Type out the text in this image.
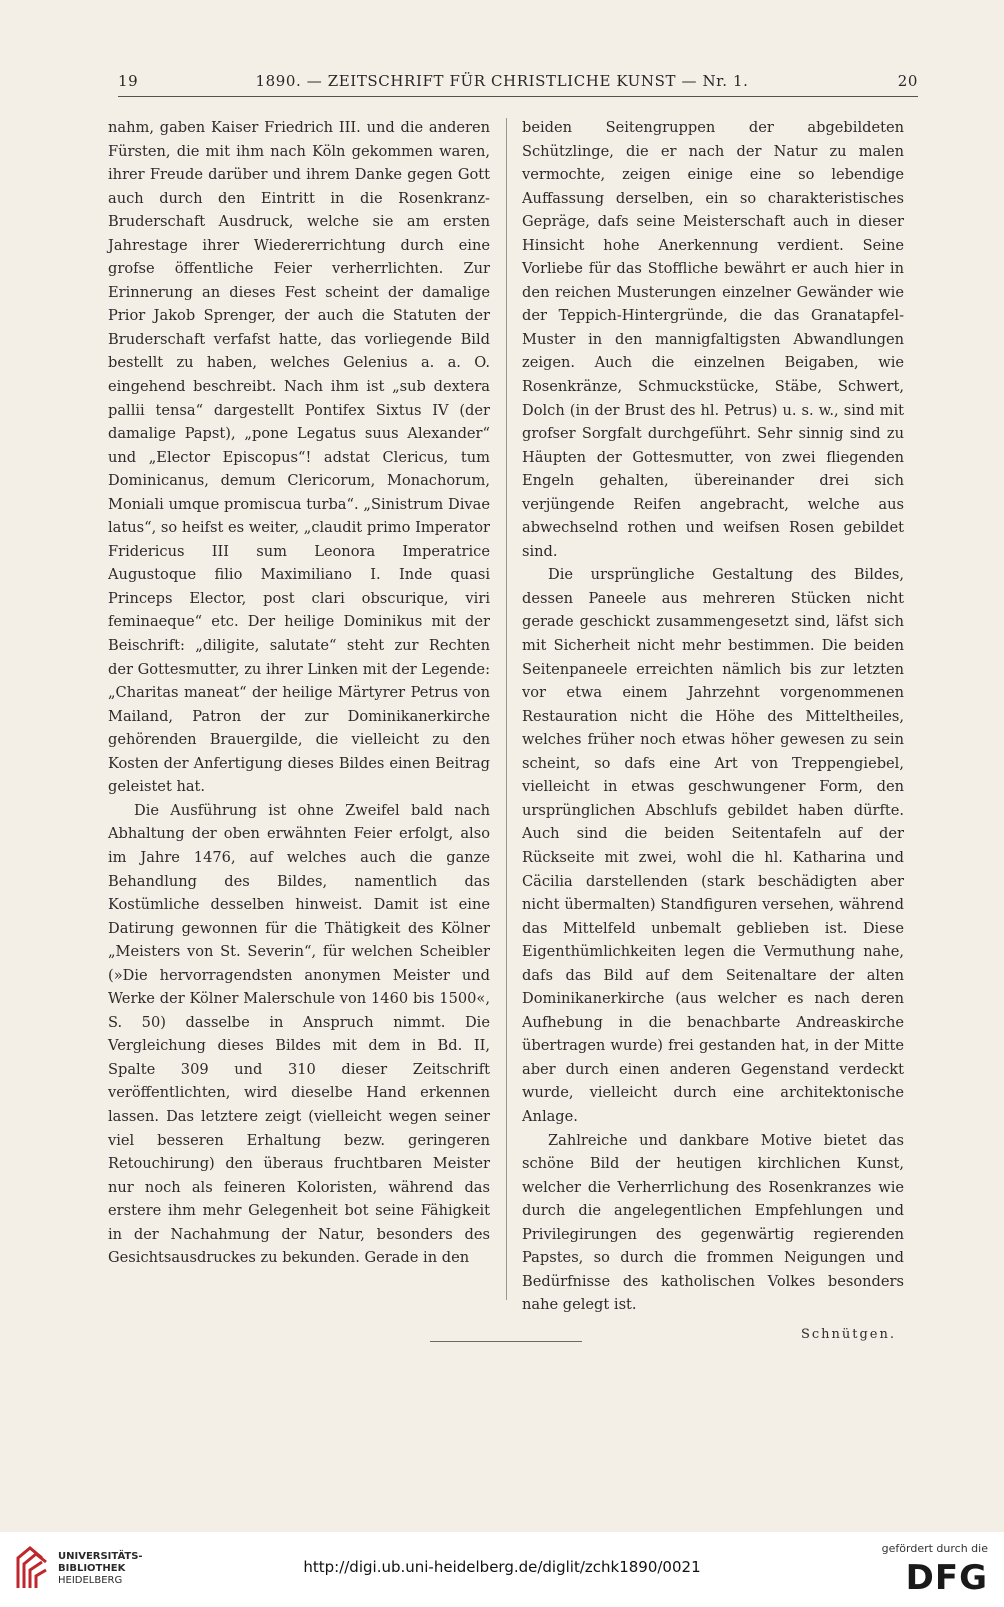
19	1890. — ZEITSCHRIFT FÜR CHRISTLICHE KUNST — Nr. 1.	20

nahm, gaben Kaiser Friedrich III. und die anderen Fürsten, die mit ihm nach Köln gekommen waren, ihrer Freude darüber und ihrem Danke gegen Gott auch durch den Eintritt in die Rosenkranz-Bruderschaft Ausdruck, welche sie am ersten Jahrestage ihrer Wiedererrichtung durch eine grofse öffentliche Feier verherrlichten. Zur Erinnerung an dieses Fest scheint der damalige Prior Jakob Sprenger, der auch die Statuten der Bruderschaft verfafst hatte, das vorliegende Bild bestellt zu haben, welches Gelenius a. a. O. eingehend beschreibt. Nach ihm ist „sub dextera pallii tensa“ dargestellt Pontifex Sixtus IV (der damalige Papst), „pone Legatus suus Alexander“ und „Elector Episcopus“! adstat Clericus, tum Dominicanus, demum Clericorum, Monachorum, Moniali umque promiscua turba“. „Sinistrum Divae latus“, so heifst es weiter, „claudit primo Imperator Fridericus III sum Leonora Imperatrice Augustoque filio Maximiliano I. Inde quasi Princeps Elector, post clari obscurique, viri feminaeque“ etc. Der heilige Dominikus mit der Beischrift: „diligite, salutate“ steht zur Rechten der Gottesmutter, zu ihrer Linken mit der Legende: „Charitas maneat“ der heilige Märtyrer Petrus von Mailand, Patron der zur Dominikanerkirche gehörenden Brauergilde, die vielleicht zu den Kosten der Anfertigung dieses Bildes einen Beitrag geleistet hat.

Die Ausführung ist ohne Zweifel bald nach Abhaltung der oben erwähnten Feier erfolgt, also im Jahre 1476, auf welches auch die ganze Behandlung des Bildes, namentlich das Kostümliche desselben hinweist. Damit ist eine Datirung gewonnen für die Thätigkeit des Kölner „Meisters von St. Severin“, für welchen Scheibler (»Die hervorragendsten anonymen Meister und Werke der Kölner Malerschule von 1460 bis 1500«, S. 50) dasselbe in Anspruch nimmt. Die Vergleichung dieses Bildes mit dem in Bd. II, Spalte 309 und 310 dieser Zeitschrift veröffentlichten, wird dieselbe Hand erkennen lassen. Das letztere zeigt (vielleicht wegen seiner viel besseren Erhaltung bezw. geringeren Retouchirung) den überaus fruchtbaren Meister nur noch als feineren Koloristen, während das erstere ihm mehr Gelegenheit bot seine Fähigkeit in der Nachahmung der Natur, besonders des Gesichtsausdruckes zu bekunden. Gerade in den

beiden Seitengruppen der abgebildeten Schützlinge, die er nach der Natur zu malen vermochte, zeigen einige eine so lebendige Auffassung derselben, ein so charakteristisches Gepräge, dafs seine Meisterschaft auch in dieser Hinsicht hohe Anerkennung verdient. Seine Vorliebe für das Stoffliche bewährt er auch hier in den reichen Musterungen einzelner Gewänder wie der Teppich-Hintergründe, die das Granatapfel-Muster in den mannigfaltigsten Abwandlungen zeigen. Auch die einzelnen Beigaben, wie Rosenkränze, Schmuckstücke, Stäbe, Schwert, Dolch (in der Brust des hl. Petrus) u. s. w., sind mit grofser Sorgfalt durchgeführt. Sehr sinnig sind zu Häupten der Gottesmutter, von zwei fliegenden Engeln gehalten, übereinander drei sich verjüngende Reifen angebracht, welche aus abwechselnd rothen und weifsen Rosen gebildet sind.

Die ursprüngliche Gestaltung des Bildes, dessen Paneele aus mehreren Stücken nicht gerade geschickt zusammengesetzt sind, läfst sich mit Sicherheit nicht mehr bestimmen. Die beiden Seitenpaneele erreichten nämlich bis zur letzten vor etwa einem Jahrzehnt vorgenommenen Restauration nicht die Höhe des Mitteltheiles, welches früher noch etwas höher gewesen zu sein scheint, so dafs eine Art von Treppengiebel, vielleicht in etwas geschwungener Form, den ursprünglichen Abschlufs gebildet haben dürfte. Auch sind die beiden Seitentafeln auf der Rückseite mit zwei, wohl die hl. Katharina und Cäcilia darstellenden (stark beschädigten aber nicht übermalten) Standfiguren versehen, während das Mittelfeld unbemalt geblieben ist. Diese Eigenthümlichkeiten legen die Vermuthung nahe, dafs das Bild auf dem Seitenaltare der alten Dominikanerkirche (aus welcher es nach deren Aufhebung in die benachbarte Andreaskirche übertragen wurde) frei gestanden hat, in der Mitte aber durch einen anderen Gegenstand verdeckt wurde, vielleicht durch eine architektonische Anlage.

Zahlreiche und dankbare Motive bietet das schöne Bild der heutigen kirchlichen Kunst, welcher die Verherrlichung des Rosenkranzes wie durch die angelegentlichen Empfehlungen und Privilegirungen des gegenwärtig regierenden Papstes, so durch die frommen Neigungen und Bedürfnisse des katholischen Volkes besonders nahe gelegt ist.

Schnütgen.
UNIVERSITÄTS-
BIBLIOTHEK
HEIDELBERG
http://digi.ub.uni-heidelberg.de/diglit/zchk1890/0021
gefördert durch die
DFG
